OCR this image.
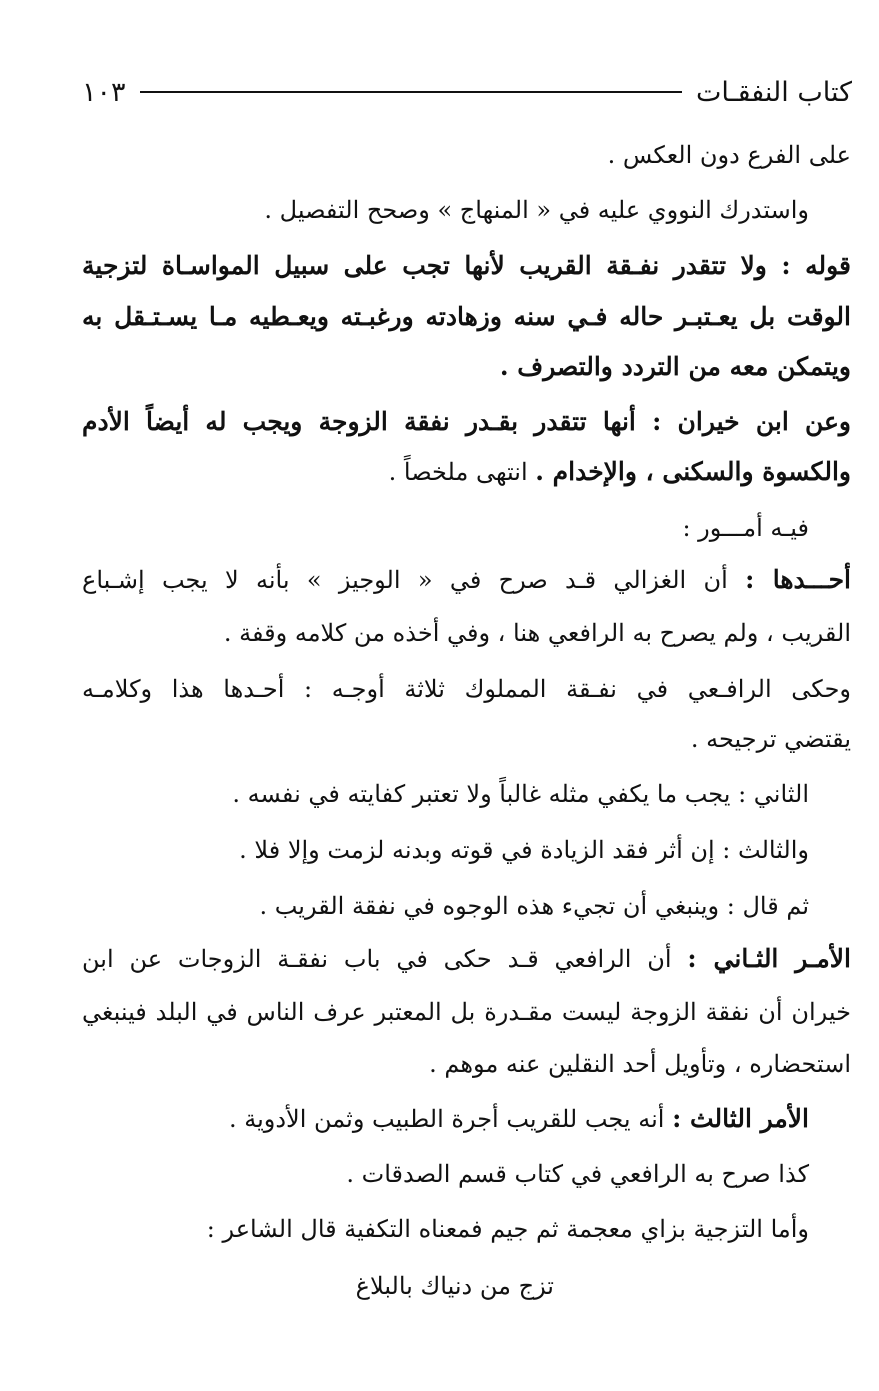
كتاب النفقـات
١٠٣
على الفرع دون العكس .
واستدرك النووي عليه في « المنهاج » وصحح التفصيل .
قوله : ولا تتقدر نفـقة القريب لأنها تجب على سبيل المواسـاة لتزجية
الوقت بل يعـتبـر حاله فـي سنه وزهادته ورغبـته ويعـطيه مـا يسـتـقل به
ويتمكن معه من التردد والتصرف .
وعن ابن خيران : أنها تتقدر بقـدر نفقة الزوجة ويجب له أيضاً الأدم
والكسوة والسكنى ، والإخدام . انتهى ملخصاً .
فيـه أمـــور :
أحـــدها : أن الغزالي قـد صرح في « الوجيز » بأنه لا يجب إشـباع
القريب ، ولم يصرح به الرافعي هنا ، وفي أخذه من كلامه وقفة .
وحكى الرافـعي في نفـقة المملوك ثلاثة أوجـه : أحـدها هذا وكلامـه
يقتضي ترجيحه .
الثاني : يجب ما يكفي مثله غالباً ولا تعتبر كفايته في نفسه .
والثالث : إن أثر فقد الزيادة في قوته وبدنه لزمت وإلا فلا .
ثم قال : وينبغي أن تجيء هذه الوجوه في نفقة القريب .
الأمـر الثـاني : أن الرافعي قـد حكى في باب نفقـة الزوجات عن ابن
خيران أن نفقة الزوجة ليست مقـدرة بل المعتبر عرف الناس في البلد فينبغي
استحضاره ، وتأويل أحد النقلين عنه موهم .
الأمر الثالث : أنه يجب للقريب أجرة الطبيب وثمن الأدوية .
كذا صرح به الرافعي في كتاب قسم الصدقات .
وأما التزجية بزاي معجمة ثم جيم فمعناه التكفية قال الشاعر :
تزج من دنياك بالبلاغ
